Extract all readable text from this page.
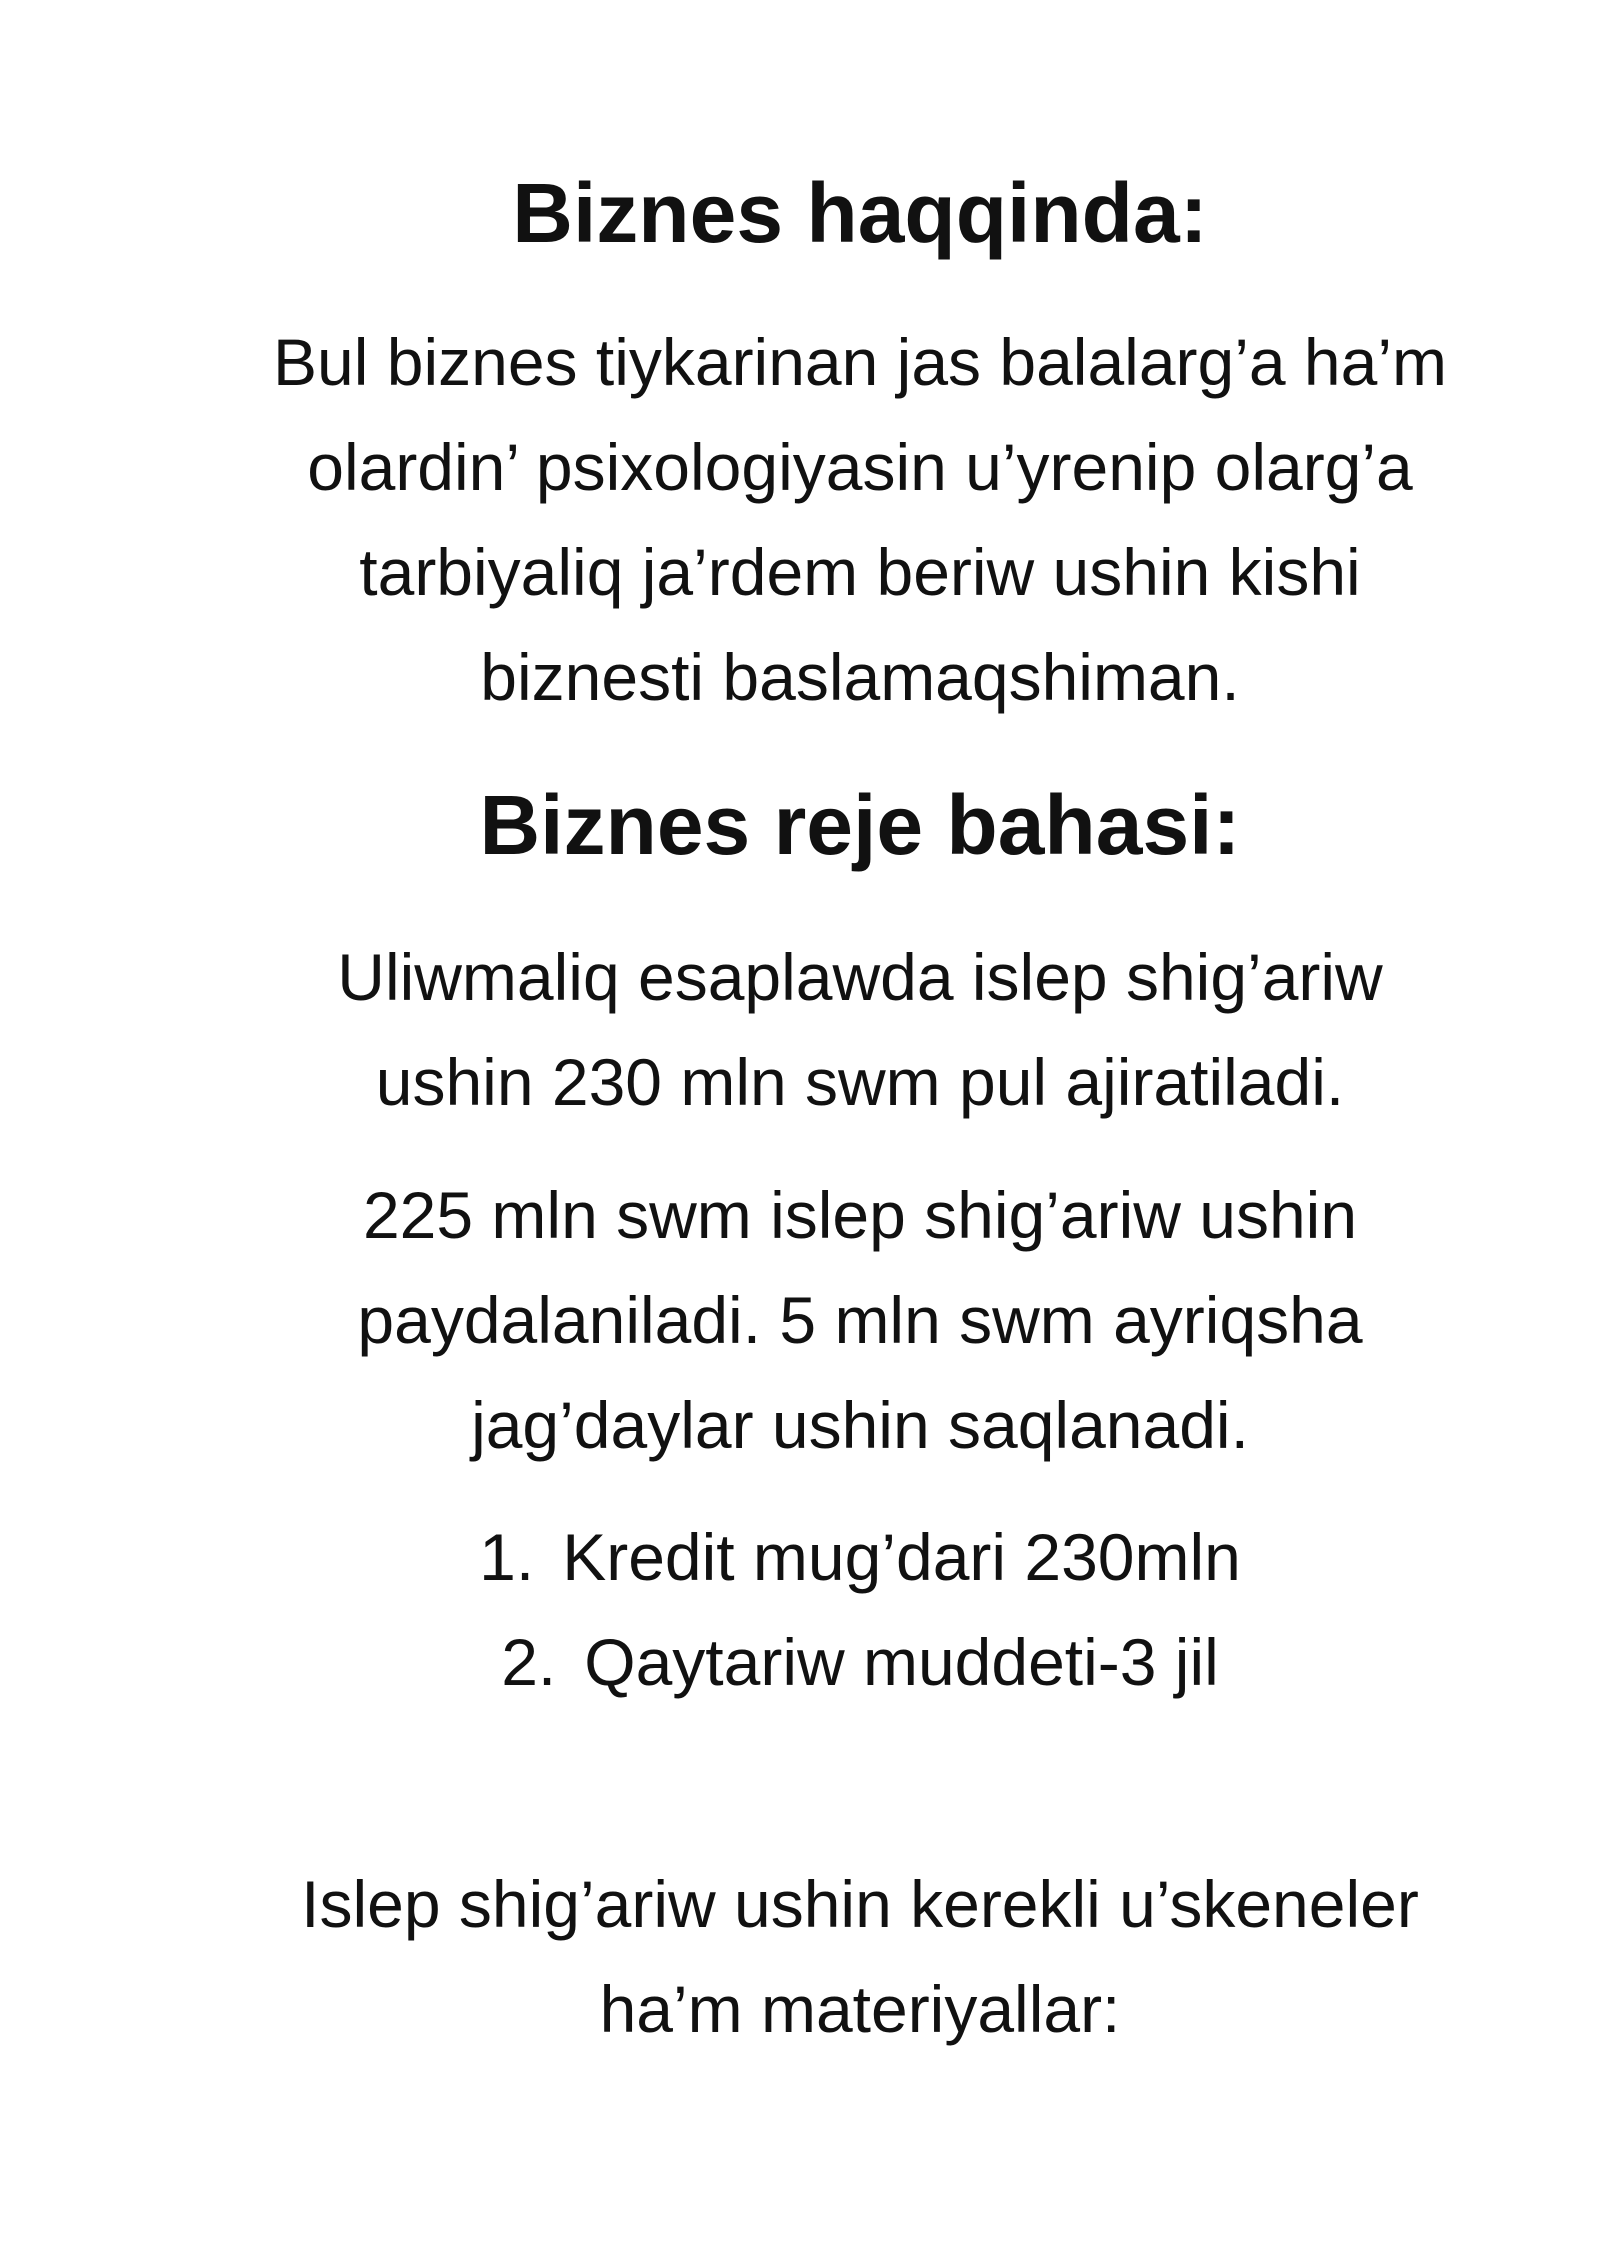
Biznes haqqinda:

Bul biznes tiykarinan jas balalarg’a ha’m
olardin’ psixologiyasin u’yrenip olarg’a
tarbiyaliq ja’rdem beriw ushin kishi
biznesti baslamaqshiman.

Biznes reje bahasi:

Uliwmaliq esaplawda islep shig’ariw
ushin 230 mln swm pul ajiratiladi.

225 mln swm islep shig’ariw ushin
paydalaniladi. 5 mln swm ayriqsha
jag’daylar ushin saqlanadi.

1. Kredit mug’dari 230mln
2. Qaytariw muddeti-3 jil

Islep shig’ariw ushin kerekli u’skeneler
ha’m materiyallar:
